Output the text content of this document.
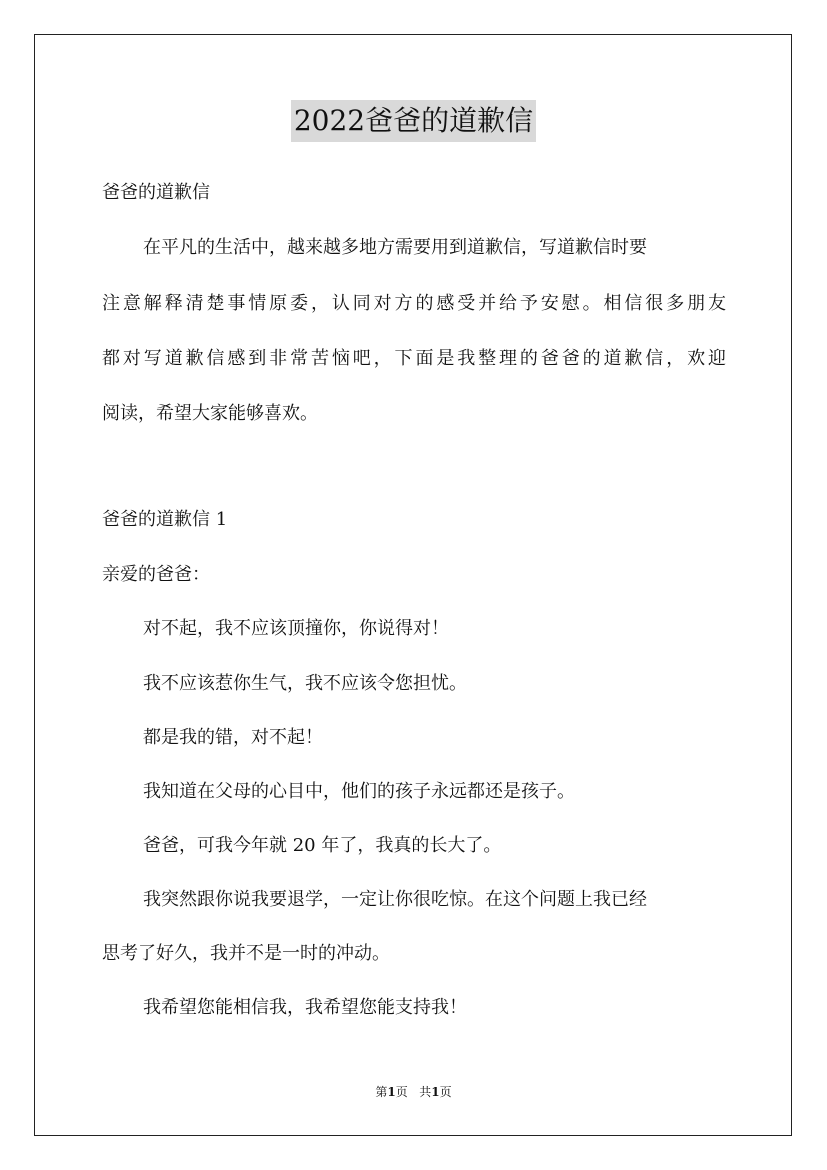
2022爸爸的道歉信
爸爸的道歉信
在平凡的生活中，越来越多地方需要用到道歉信，写道歉信时要
注意解释清楚事情原委，认同对方的感受并给予安慰。相信很多朋友
都对写道歉信感到非常苦恼吧，下面是我整理的爸爸的道歉信，欢迎
阅读，希望大家能够喜欢。
爸爸的道歉信 1
亲爱的爸爸：
对不起，我不应该顶撞你，你说得对！
我不应该惹你生气，我不应该令您担忧。
都是我的错，对不起！
我知道在父母的心目中，他们的孩子永远都还是孩子。
爸爸，可我今年就 20 年了，我真的长大了。
我突然跟你说我要退学，一定让你很吃惊。在这个问题上我已经
思考了好久，我并不是一时的冲动。
我希望您能相信我，我希望您能支持我！
第1页 共1页
